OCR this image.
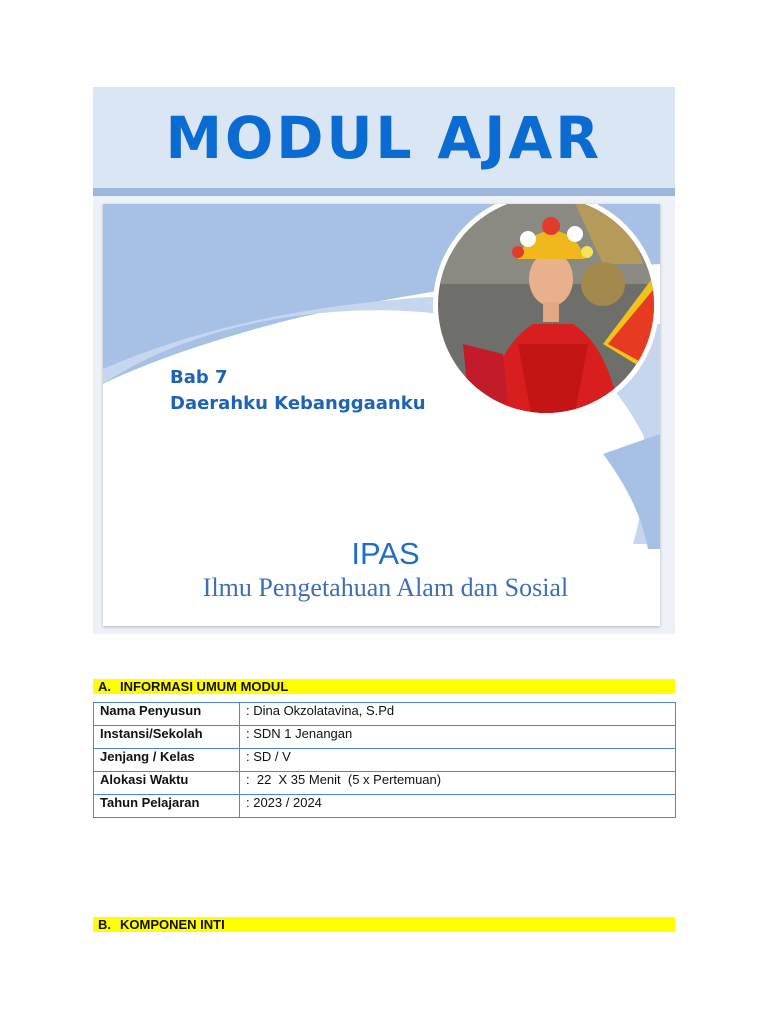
MODUL AJAR
Bab 7
Daerahku Kebanggaanku
IPAS
Ilmu Pengetahuan Alam dan Sosial
A. INFORMASI UMUM MODUL
Nama Penyusun	: Dina Okzolatavina, S.Pd
Instansi/Sekolah	: SDN 1 Jenangan
Jenjang / Kelas	: SD / V
Alokasi Waktu	:  22  X 35 Menit  (5 x Pertemuan)
Tahun Pelajaran	: 2023 / 2024
B. KOMPONEN INTI
